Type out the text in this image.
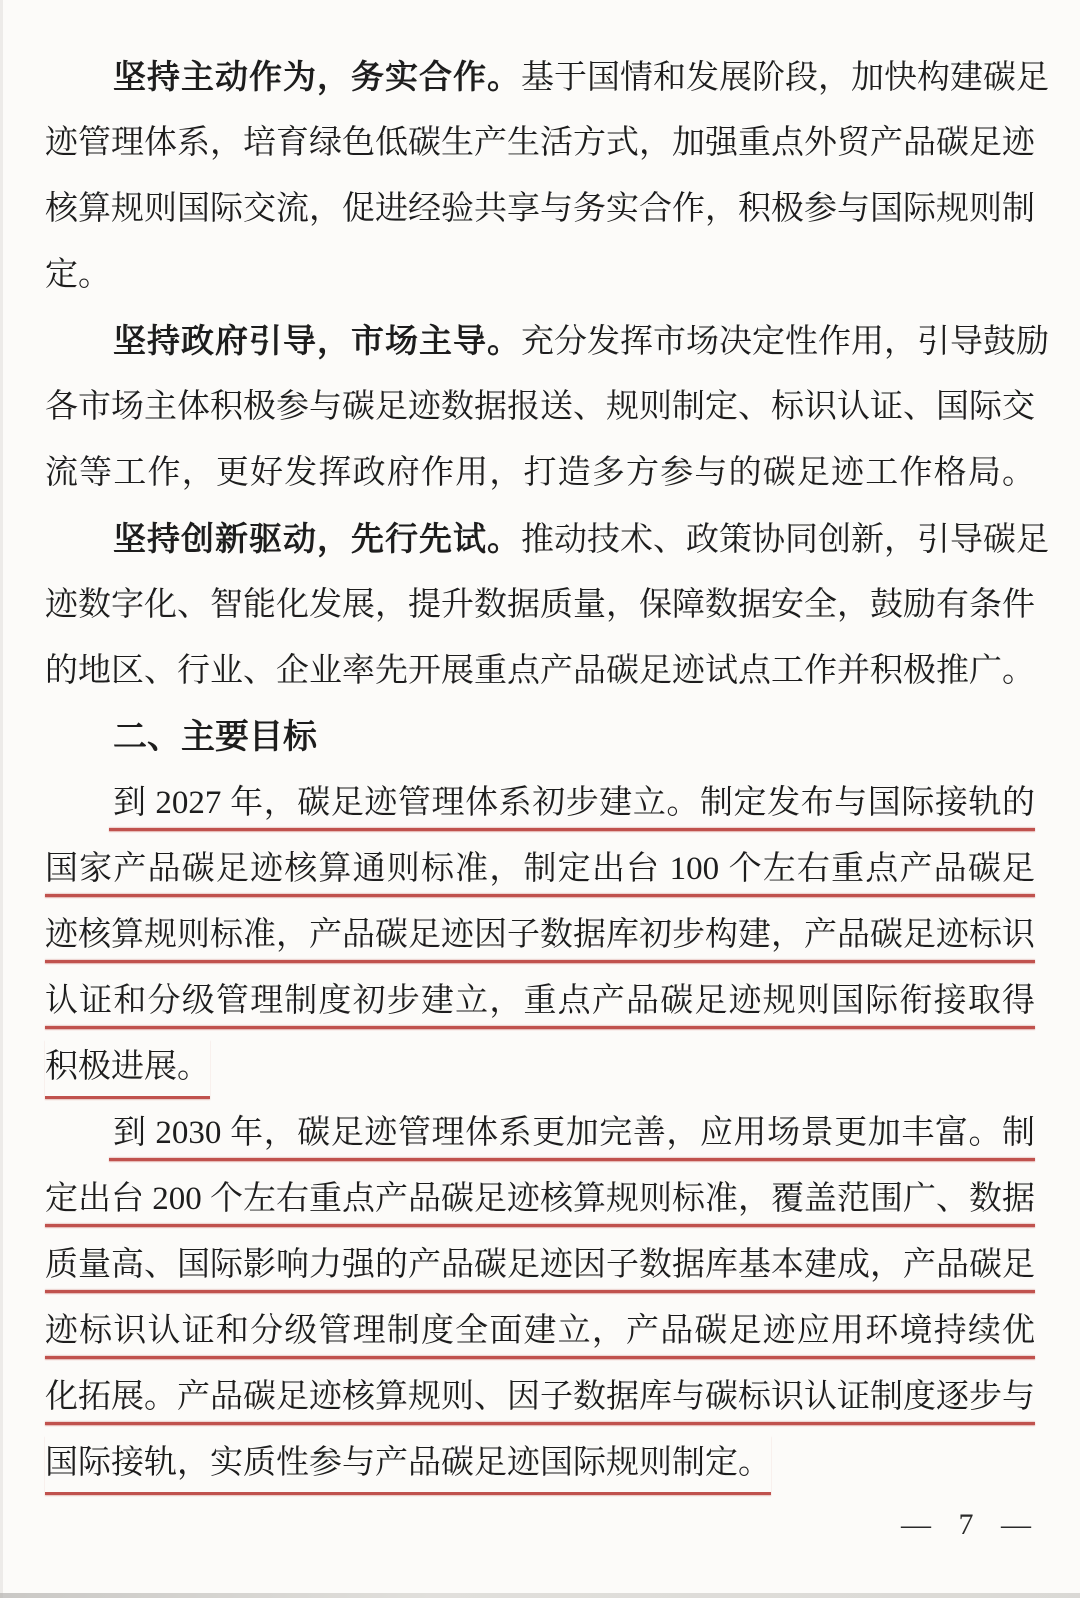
坚持主动作为，务实合作。基于国情和发展阶段，加快构建碳足
迹管理体系，培育绿色低碳生产生活方式，加强重点外贸产品碳足迹
核算规则国际交流，促进经验共享与务实合作，积极参与国际规则制
定。
坚持政府引导，市场主导。充分发挥市场决定性作用，引导鼓励
各市场主体积极参与碳足迹数据报送、规则制定、标识认证、国际交
流等工作，更好发挥政府作用，打造多方参与的碳足迹工作格局。
坚持创新驱动，先行先试。推动技术、政策协同创新，引导碳足
迹数字化、智能化发展，提升数据质量，保障数据安全，鼓励有条件
的地区、行业、企业率先开展重点产品碳足迹试点工作并积极推广。
二、主要目标
到 2027 年，碳足迹管理体系初步建立。制定发布与国际接轨的
国家产品碳足迹核算通则标准，制定出台 100 个左右重点产品碳足
迹核算规则标准，产品碳足迹因子数据库初步构建，产品碳足迹标识
认证和分级管理制度初步建立，重点产品碳足迹规则国际衔接取得
积极进展。
到 2030 年，碳足迹管理体系更加完善，应用场景更加丰富。制
定出台 200 个左右重点产品碳足迹核算规则标准，覆盖范围广、数据
质量高、国际影响力强的产品碳足迹因子数据库基本建成，产品碳足
迹标识认证和分级管理制度全面建立，产品碳足迹应用环境持续优
化拓展。产品碳足迹核算规则、因子数据库与碳标识认证制度逐步与
国际接轨，实质性参与产品碳足迹国际规则制定。
— 7 —
